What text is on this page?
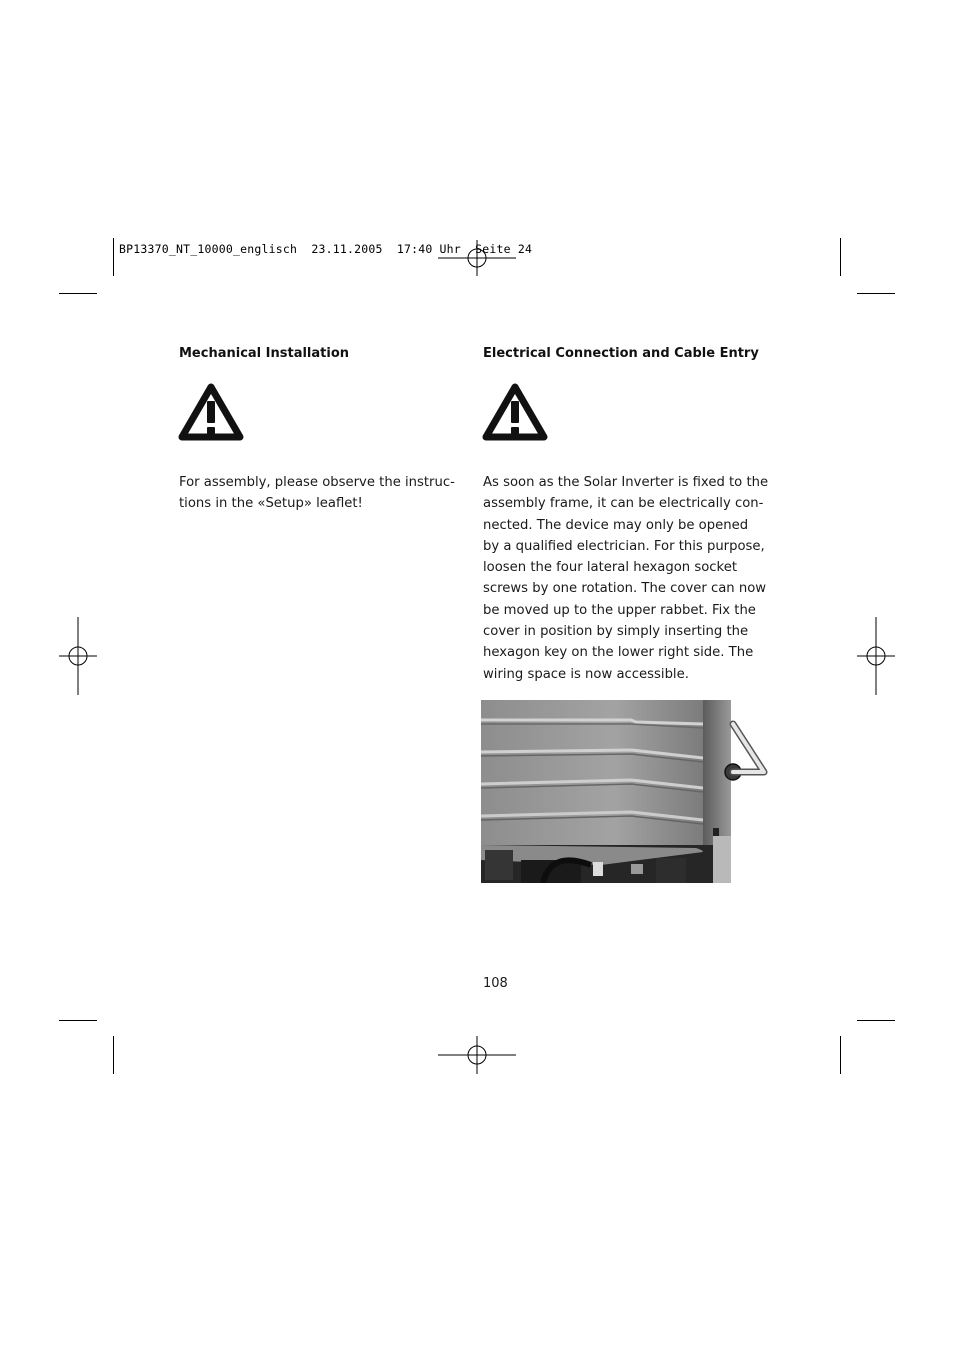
BP13370_NT_10000_englisch  23.11.2005  17:40 Uhr  Seite 24
Mechanical Installation
For assembly, please observe the instruc-
tions in the «Setup» leaflet!
Electrical Connection and Cable Entry
As soon as the Solar Inverter is fixed to the
assembly frame, it can be electrically con-
nected. The device may only be opened
by a qualified electrician. For this purpose,
loosen the four lateral hexagon socket
screws by one rotation. The cover can now
be moved up to the upper rabbet. Fix the
cover in position by simply inserting the
hexagon key on the lower right side. The
wiring space is now accessible.
108
